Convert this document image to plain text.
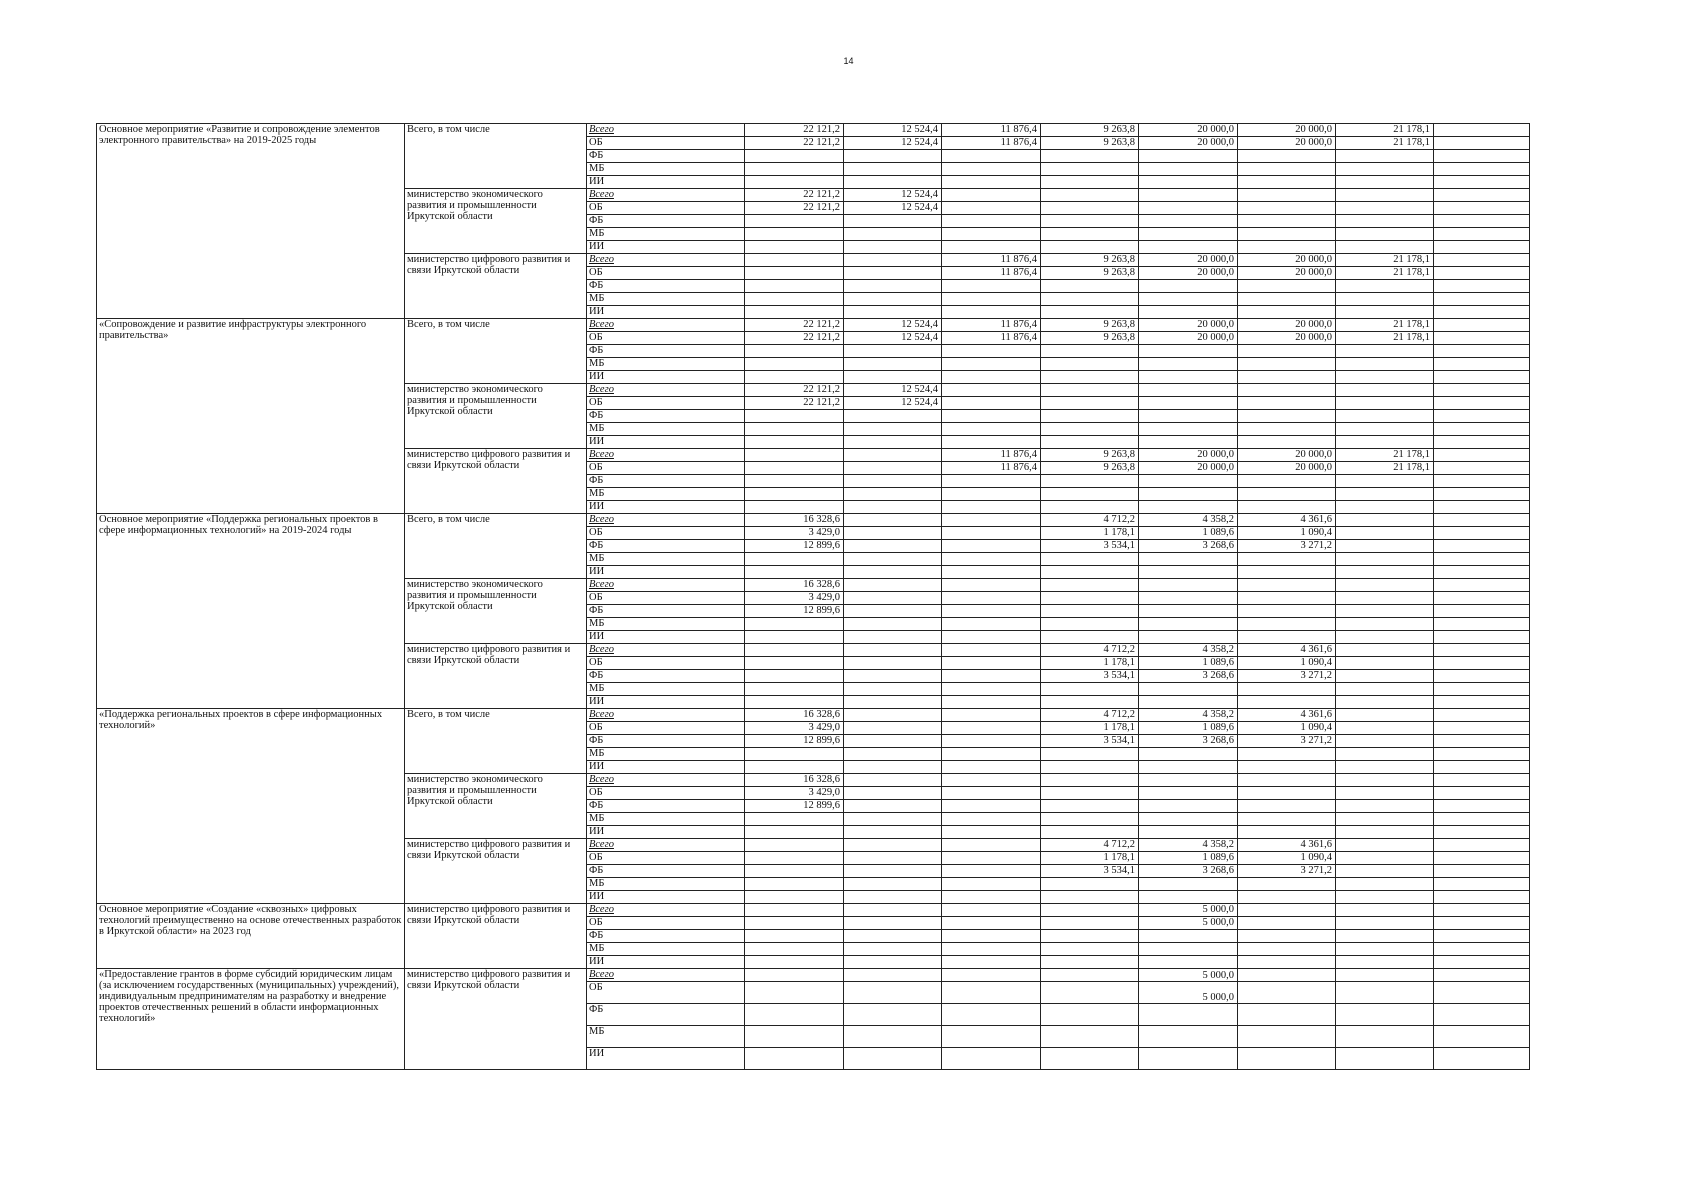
14
Основное мероприятие «Развитие и сопровождение элементов электронного правительства» на 2019-2025 годы	Всего, в том числе	Всего	22 121,2	12 524,4	11 876,4	9 263,8	20 000,0	20 000,0	21 178,1	
		ОБ	22 121,2	12 524,4	11 876,4	9 263,8	20 000,0	20 000,0	21 178,1	
		ФБ								
		МБ								
		ИИ								
	министерство экономического развития и промышленности Иркутской области	Всего	22 121,2	12 524,4						
		ОБ	22 121,2	12 524,4						
		ФБ								
		МБ								
		ИИ								
	министерство цифрового развития и связи Иркутской области	Всего			11 876,4	9 263,8	20 000,0	20 000,0	21 178,1	
		ОБ			11 876,4	9 263,8	20 000,0	20 000,0	21 178,1	
		ФБ								
		МБ								
		ИИ								
«Сопровождение и развитие инфраструктуры электронного правительства»	Всего, в том числе	Всего	22 121,2	12 524,4	11 876,4	9 263,8	20 000,0	20 000,0	21 178,1	
		ОБ	22 121,2	12 524,4	11 876,4	9 263,8	20 000,0	20 000,0	21 178,1	
		ФБ								
		МБ								
		ИИ								
	министерство экономического развития и промышленности Иркутской области	Всего	22 121,2	12 524,4						
		ОБ	22 121,2	12 524,4						
		ФБ								
		МБ								
		ИИ								
	министерство цифрового развития и связи Иркутской области	Всего			11 876,4	9 263,8	20 000,0	20 000,0	21 178,1	
		ОБ			11 876,4	9 263,8	20 000,0	20 000,0	21 178,1	
		ФБ								
		МБ								
		ИИ								
Основное мероприятие «Поддержка региональных проектов в сфере информационных технологий» на 2019-2024 годы	Всего, в том числе	Всего	16 328,6			4 712,2	4 358,2	4 361,6		
		ОБ	3 429,0			1 178,1	1 089,6	1 090,4		
		ФБ	12 899,6			3 534,1	3 268,6	3 271,2		
		МБ								
		ИИ								
	министерство экономического развития и промышленности Иркутской области	Всего	16 328,6							
		ОБ	3 429,0							
		ФБ	12 899,6							
		МБ								
		ИИ								
	министерство цифрового развития и связи Иркутской области	Всего				4 712,2	4 358,2	4 361,6		
		ОБ				1 178,1	1 089,6	1 090,4		
		ФБ				3 534,1	3 268,6	3 271,2		
		МБ								
		ИИ								
«Поддержка региональных проектов в сфере информационных технологий»	Всего, в том числе	Всего	16 328,6			4 712,2	4 358,2	4 361,6		
		ОБ	3 429,0			1 178,1	1 089,6	1 090,4		
		ФБ	12 899,6			3 534,1	3 268,6	3 271,2		
		МБ								
		ИИ								
	министерство экономического развития и промышленности Иркутской области	Всего	16 328,6							
		ОБ	3 429,0							
		ФБ	12 899,6							
		МБ								
		ИИ								
	министерство цифрового развития и связи Иркутской области	Всего				4 712,2	4 358,2	4 361,6		
		ОБ				1 178,1	1 089,6	1 090,4		
		ФБ				3 534,1	3 268,6	3 271,2		
		МБ								
		ИИ								
Основное мероприятие «Создание «сквозных» цифровых технологий преимущественно на основе отечественных разработок в Иркутской области» на 2023 год	министерство цифрового развития и связи Иркутской области	Всего					5 000,0			
		ОБ					5 000,0			
		ФБ								
		МБ								
		ИИ								
«Предоставление грантов в форме субсидий юридическим лицам (за исключением государственных (муниципальных) учреждений), индивидуальным предпринимателям на разработку и внедрение проектов отечественных решений в области информационных технологий»	министерство цифрового развития и связи Иркутской области	Всего					5 000,0			
		ОБ					5 000,0			
		ФБ								
		МБ								
		ИИ								
